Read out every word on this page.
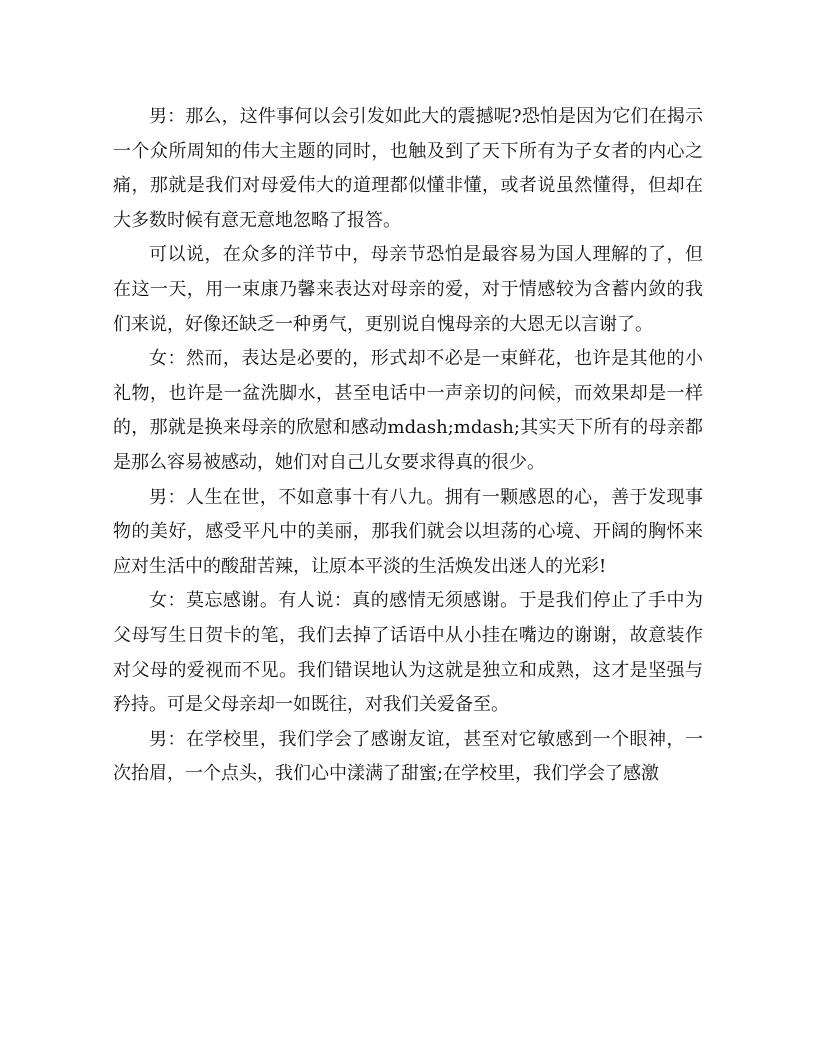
男：那么，这件事何以会引发如此大的震撼呢?恐怕是因为它们在揭示一个众所周知的伟大主题的同时，也触及到了天下所有为子女者的内心之痛，那就是我们对母爱伟大的道理都似懂非懂，或者说虽然懂得，但却在大多数时候有意无意地忽略了报答。

可以说，在众多的洋节中，母亲节恐怕是最容易为国人理解的了，但在这一天，用一束康乃馨来表达对母亲的爱，对于情感较为含蓄内敛的我们来说，好像还缺乏一种勇气，更别说自愧母亲的大恩无以言谢了。

女：然而，表达是必要的，形式却不必是一束鲜花，也许是其他的小礼物，也许是一盆洗脚水，甚至电话中一声亲切的问候，而效果却是一样的，那就是换来母亲的欣慰和感动mdash;mdash;其实天下所有的母亲都是那么容易被感动，她们对自己儿女要求得真的很少。

男：人生在世，不如意事十有八九。拥有一颗感恩的心，善于发现事物的美好，感受平凡中的美丽，那我们就会以坦荡的心境、开阔的胸怀来应对生活中的酸甜苦辣，让原本平淡的生活焕发出迷人的光彩!

女：莫忘感谢。有人说：真的感情无须感谢。于是我们停止了手中为父母写生日贺卡的笔，我们去掉了话语中从小挂在嘴边的谢谢，故意装作对父母的爱视而不见。我们错误地认为这就是独立和成熟，这才是坚强与矜持。可是父母亲却一如既往，对我们关爱备至。

男：在学校里，我们学会了感谢友谊，甚至对它敏感到一个眼神，一次抬眉，一个点头，我们心中漾满了甜蜜;在学校里，我们学会了感激
